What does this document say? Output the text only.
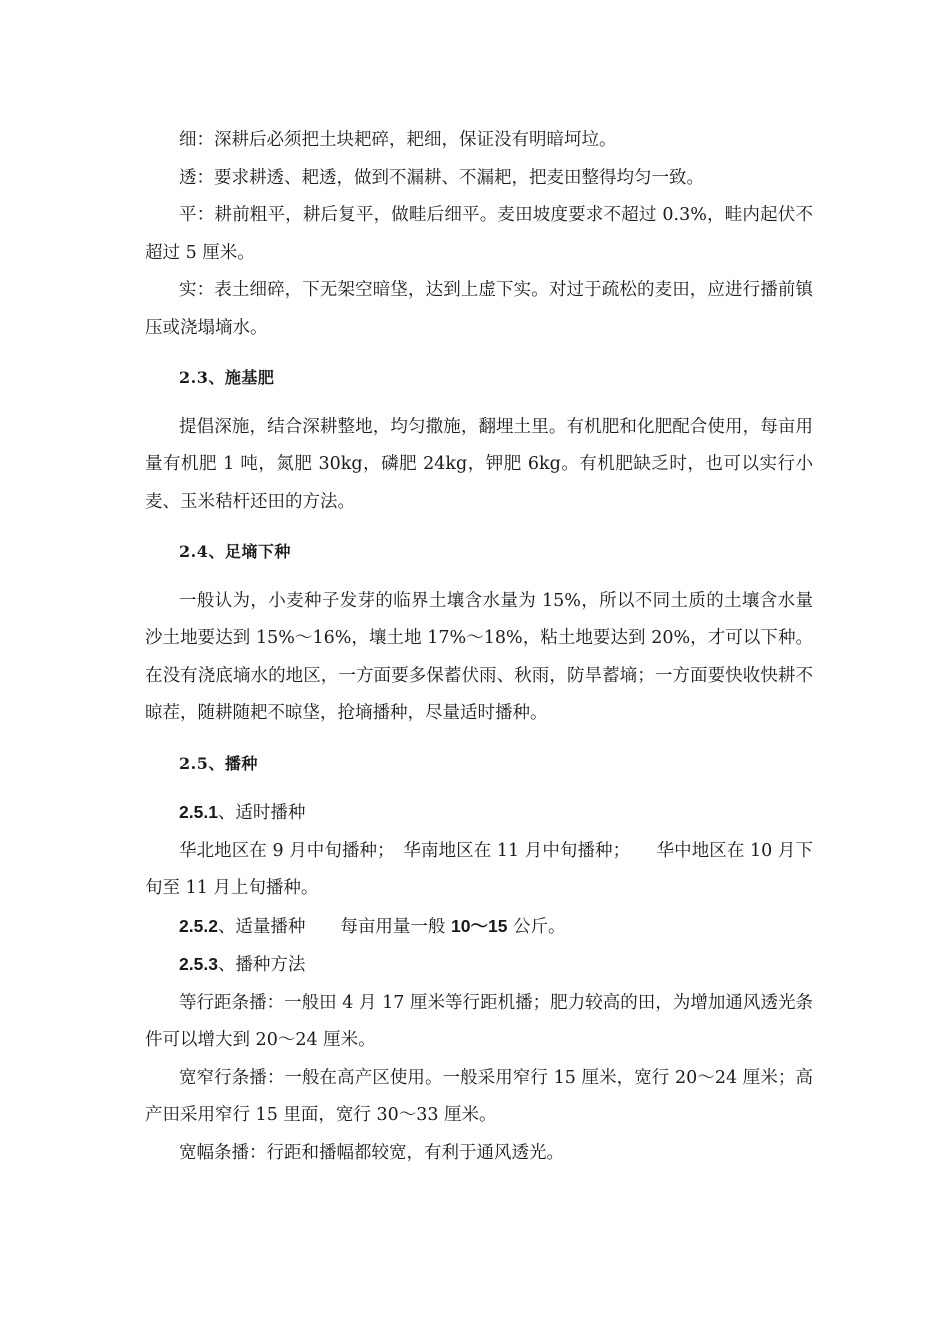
细：深耕后必须把土块耙碎，耙细，保证没有明暗坷垃。

透：要求耕透、耙透，做到不漏耕、不漏耙，把麦田整得均匀一致。

平：耕前粗平，耕后复平，做畦后细平。麦田坡度要求不超过 0.3%，畦内起伏不超过 5 厘米。

实：表土细碎，下无架空暗垡，达到上虚下实。对过于疏松的麦田，应进行播前镇压或浇塌墒水。

2.3、施基肥

提倡深施，结合深耕整地，均匀撒施，翻埋土里。有机肥和化肥配合使用，每亩用量有机肥 1 吨，氮肥 30kg，磷肥 24kg，钾肥 6kg。有机肥缺乏时，也可以实行小麦、玉米秸杆还田的方法。

2.4、足墒下种

一般认为，小麦种子发芽的临界土壤含水量为 15%，所以不同土质的土壤含水量沙土地要达到 15%～16%，壤土地 17%～18%，粘土地要达到 20%，才可以下种。在没有浇底墒水的地区，一方面要多保蓄伏雨、秋雨，防旱蓄墒；一方面要快收快耕不晾茬，随耕随耙不晾垡，抢墒播种，尽量适时播种。

2.5、播种

2.5.1、适时播种

华北地区在 9 月中旬播种；　华南地区在 11 月中旬播种；　　华中地区在 10 月下旬至 11 月上旬播种。

2.5.2、适量播种　　每亩用量一般 10～15 公斤。

2.5.3、播种方法

等行距条播：一般田 4 月 17 厘米等行距机播；肥力较高的田，为增加通风透光条件可以增大到 20～24 厘米。

宽窄行条播：一般在高产区使用。一般采用窄行 15 厘米，宽行 20～24 厘米；高产田采用窄行 15 里面，宽行 30～33 厘米。

宽幅条播：行距和播幅都较宽，有利于通风透光。
